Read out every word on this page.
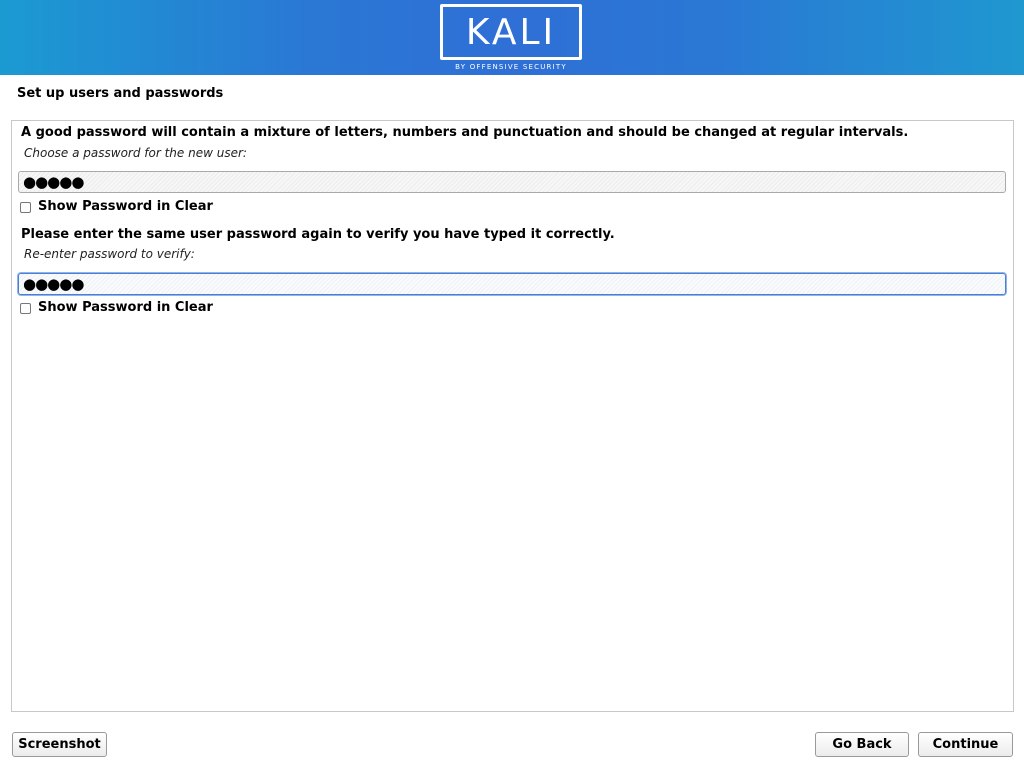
KALI
BY OFFENSIVE SECURITY
Set up users and passwords
A good password will contain a mixture of letters, numbers and punctuation and should be changed at regular intervals.
Choose a password for the new user:
●●●●●
Show Password in Clear
Please enter the same user password again to verify you have typed it correctly.
Re-enter password to verify:
●●●●●
Show Password in Clear
Screenshot	Go Back	Continue
